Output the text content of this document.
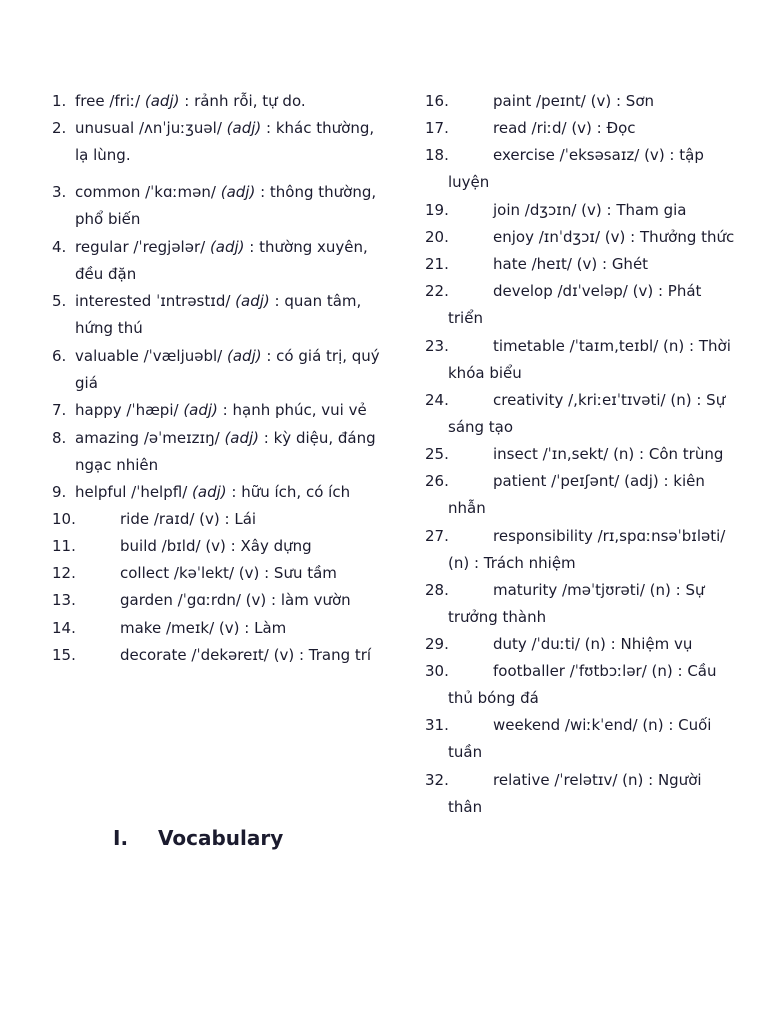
1. free /friː/ (adj) : rảnh rỗi, tự do.
2. unusual /ʌnˈjuːʒuəl/ (adj) : khác thường,
lạ lùng.
3. common /ˈkɑːmən/ (adj) : thông thường,
phổ biến
4. regular /ˈregjələr/ (adj) : thường xuyên,
đều đặn
5. interested ˈɪntrəstɪd/ (adj) : quan tâm,
hứng thú
6. valuable /ˈvæljuəbl/ (adj) : có giá trị, quý
giá
7. happy /ˈhæpi/ (adj) : hạnh phúc, vui vẻ
8. amazing /əˈmeɪzɪŋ/ (adj) : kỳ diệu, đáng
ngạc nhiên
9. helpful /ˈhelpfl/ (adj) : hữu ích, có ích
10.	ride /raɪd/ (v) : Lái
11.	build /bɪld/ (v) : Xây dựng
12.	collect /kəˈlekt/ (v) : Sưu tầm
13.	garden /ˈgɑːrdn/ (v) : làm vườn
14.	make /meɪk/ (v) : Làm
15.	decorate /ˈdekəreɪt/ (v) : Trang trí
16.	paint /peɪnt/ (v) : Sơn
17.	read /riːd/ (v) : Đọc
18.	exercise /ˈeksəsaɪz/ (v) : tập
luyện
19.	join /dʒɔɪn/ (v) : Tham gia
20.	enjoy /ɪnˈdʒɔɪ/ (v) : Thưởng thức
21.	hate /heɪt/ (v) : Ghét
22.	develop /dɪˈveləp/ (v) : Phát
triển
23.	timetable /ˈtaɪm,teɪbl/ (n) : Thời
khóa biểu
24.	creativity /,kriːeɪˈtɪvəti/ (n) : Sự
sáng tạo
25.	insect /ˈɪn,sekt/ (n) : Côn trùng
26.	patient /ˈpeɪʃənt/ (adj) : kiên
nhẫn
27.	responsibility /rɪ,spɑːnsəˈbɪləti/
(n) : Trách nhiệm
28.	maturity /məˈtjʊrəti/ (n) : Sự
trưởng thành
29.	duty /ˈduːti/ (n) : Nhiệm vụ
30.	footballer /ˈfʊtbɔːlər/ (n) : Cầu
thủ bóng đá
31.	weekend /wiːkˈend/ (n) : Cuối
tuần
32.	relative /ˈrelətɪv/ (n) : Người
thân
I. Vocabulary
